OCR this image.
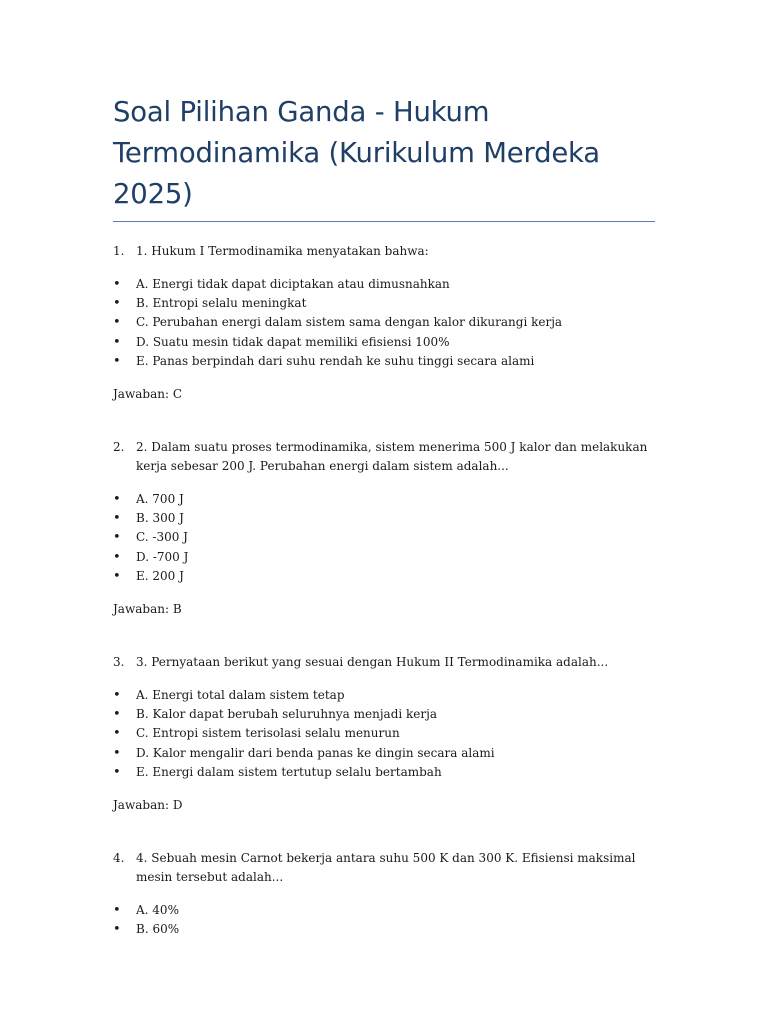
Soal Pilihan Ganda - Hukum Termodinamika (Kurikulum Merdeka 2025)
1. 1. Hukum I Termodinamika menyatakan bahwa:
•	A. Energi tidak dapat diciptakan atau dimusnahkan
•	B. Entropi selalu meningkat
•	C. Perubahan energi dalam sistem sama dengan kalor dikurangi kerja
•	D. Suatu mesin tidak dapat memiliki efisiensi 100%
•	E. Panas berpindah dari suhu rendah ke suhu tinggi secara alami
Jawaban: C
2. 2. Dalam suatu proses termodinamika, sistem menerima 500 J kalor dan melakukan kerja sebesar 200 J. Perubahan energi dalam sistem adalah...
•	A. 700 J
•	B. 300 J
•	C. -300 J
•	D. -700 J
•	E. 200 J
Jawaban: B
3. 3. Pernyataan berikut yang sesuai dengan Hukum II Termodinamika adalah...
•	A. Energi total dalam sistem tetap
•	B. Kalor dapat berubah seluruhnya menjadi kerja
•	C. Entropi sistem terisolasi selalu menurun
•	D. Kalor mengalir dari benda panas ke dingin secara alami
•	E. Energi dalam sistem tertutup selalu bertambah
Jawaban: D
4. 4. Sebuah mesin Carnot bekerja antara suhu 500 K dan 300 K. Efisiensi maksimal mesin tersebut adalah...
•	A. 40%
•	B. 60%
